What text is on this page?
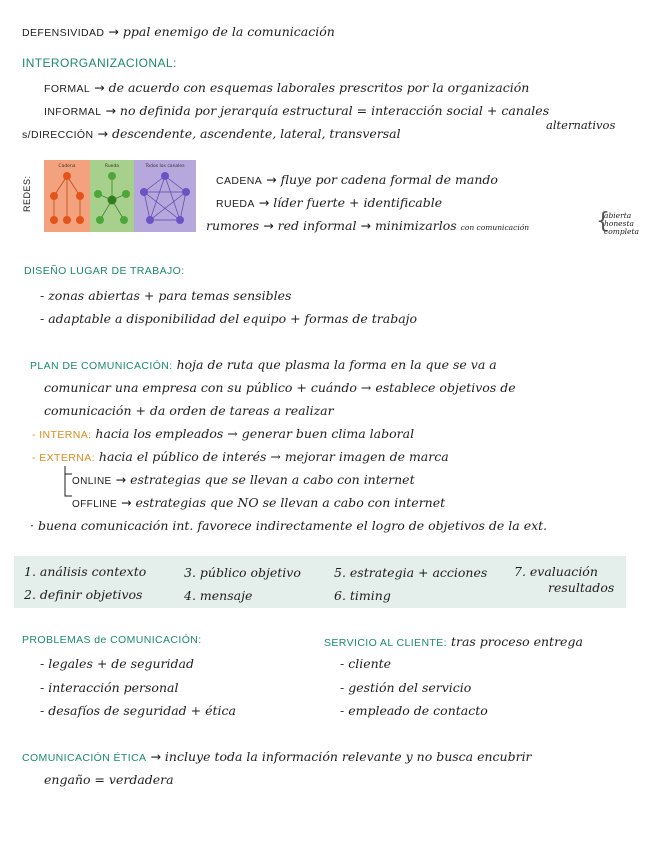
DEFENSIVIDAD → ppal enemigo de la comunicación
INTERORGANIZACIONAL:
FORMAL → de acuerdo con esquemas laborales prescritos por la organización
INFORMAL → no definida por jerarquía estructural = interacción social + canales
alternativos
s/DIRECCIÓN → descendente, ascendente, lateral, transversal
REDES:
Cadena	Rueda	Todos los canales
CADENA → fluye por cadena formal de mando
RUEDA → líder fuerte + identificable
rumores → red informal → minimizarlos con comunicación	{
abierta
honesta
completa
DISEÑO LUGAR DE TRABAJO:
- zonas abiertas + para temas sensibles
- adaptable a disponibilidad del equipo + formas de trabajo
PLAN DE COMUNICACIÓN: hoja de ruta que plasma la forma en la que se va a
comunicar una empresa con su público + cuándo → establece objetivos de
comunicación + da orden de tareas a realizar
- INTERNA: hacia los empleados → generar buen clima laboral
- EXTERNA: hacia el público de interés → mejorar imagen de marca
ONLINE → estrategias que se llevan a cabo con internet
OFFLINE → estrategias que NO se llevan a cabo con internet
· buena comunicación int. favorece indirectamente el logro de objetivos de la ext.
1. análisis contexto
2. definir objetivos
3. público objetivo
4. mensaje
5. estrategia + acciones
6. timing
7. evaluación
resultados
PROBLEMAS de COMUNICACIÓN:
- legales + de seguridad
- interacción personal
- desafíos de seguridad + ética
SERVICIO AL CLIENTE: tras proceso entrega
- cliente
- gestión del servicio
- empleado de contacto
COMUNICACIÓN ÉTICA → incluye toda la información relevante y no busca encubrir
engaño = verdadera
